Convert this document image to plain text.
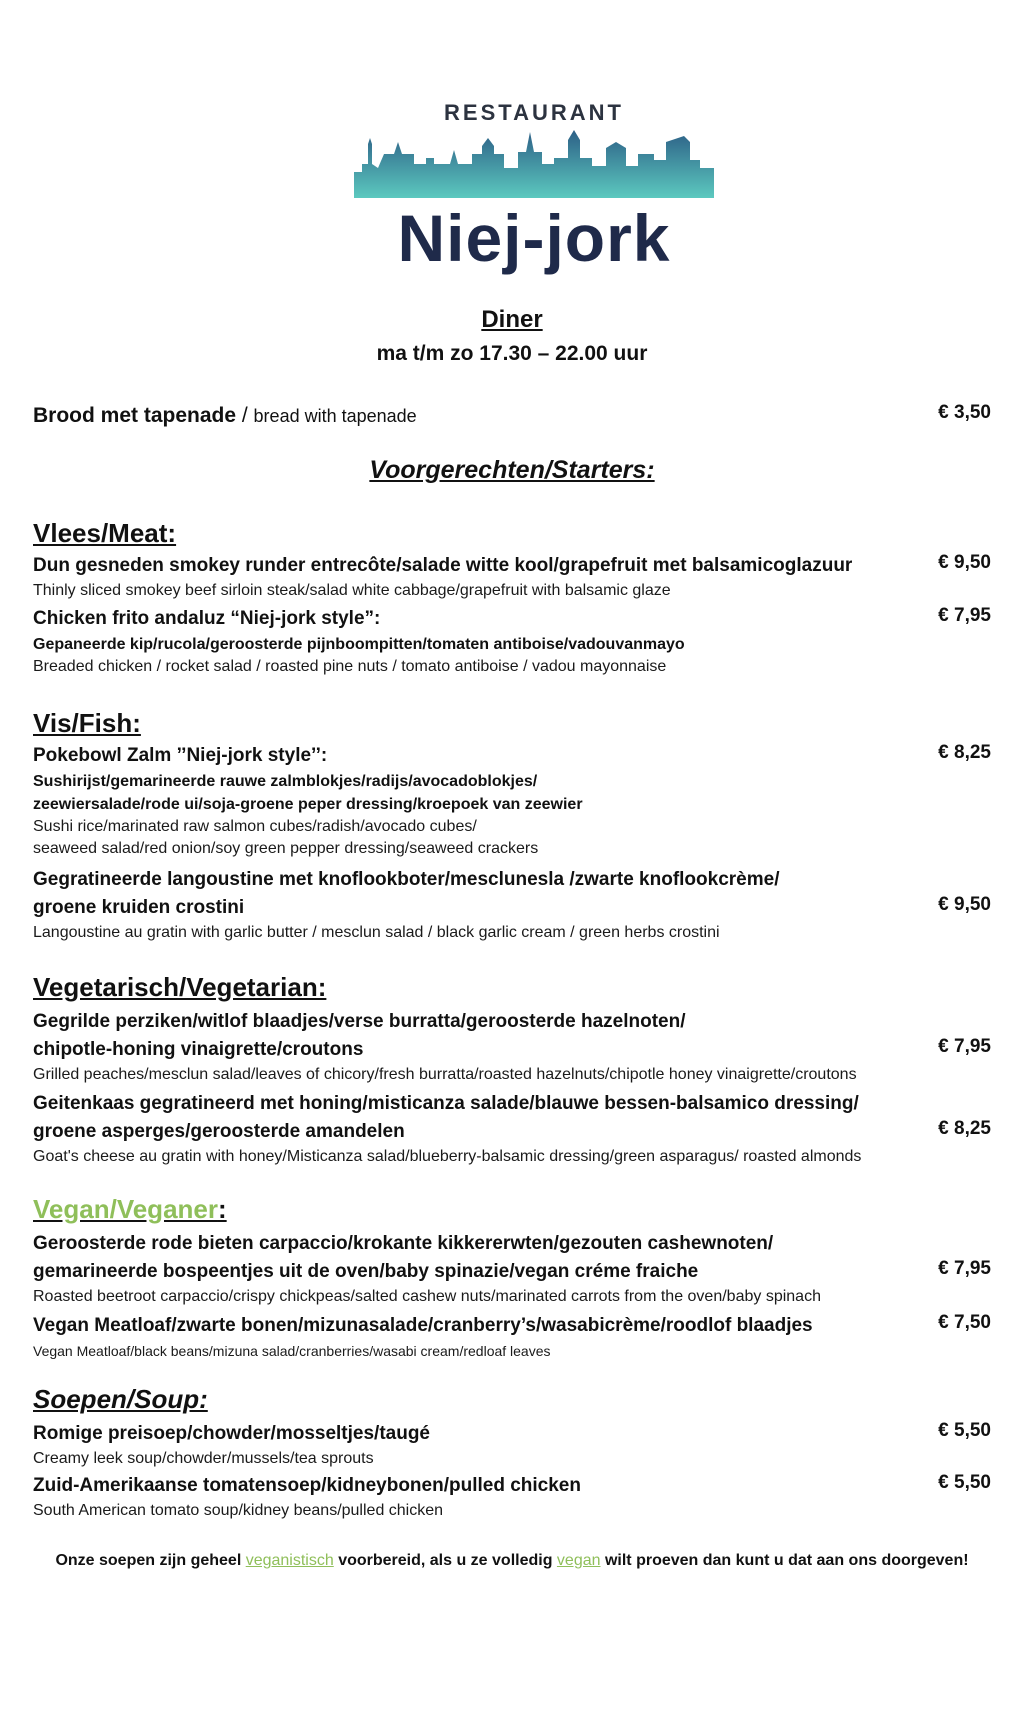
RESTAURANT
Niej-jork
Diner
ma t/m zo 17.30 – 22.00 uur
Brood met tapenade / bread with tapenade	€ 3,50
Voorgerechten/Starters:
Vlees/Meat:
Dun gesneden smokey runder entrecôte/salade witte kool/grapefruit met balsamicoglazuur
Thinly sliced smokey beef sirloin steak/salad white cabbage/grapefruit with balsamic glaze
€ 9,50
Chicken frito andaluz “Niej-jork style”:
Gepaneerde kip/rucola/geroosterde pijnboompitten/tomaten antiboise/vadouvanmayo
Breaded chicken / rocket salad / roasted pine nuts / tomato antiboise / vadou mayonnaise
€ 7,95
Vis/Fish:
Pokebowl Zalm ’’Niej-jork style’’:
Sushirijst/gemarineerde rauwe zalmblokjes/radijs/avocadoblokjes/
zeewiersalade/rode ui/soja-groene peper dressing/kroepoek van zeewier
Sushi rice/marinated raw salmon cubes/radish/avocado cubes/
seaweed salad/red onion/soy green pepper dressing/seaweed crackers
€ 8,25
Gegratineerde langoustine met knoflookboter/mesclunesla /zwarte knoflookcrème/
groene kruiden crostini
Langoustine au gratin with garlic butter / mesclun salad / black garlic cream / green herbs crostini
€ 9,50
Vegetarisch/Vegetarian:
Gegrilde perziken/witlof blaadjes/verse burratta/geroosterde hazelnoten/
chipotle-honing vinaigrette/croutons
Grilled peaches/mesclun salad/leaves of chicory/fresh burratta/roasted hazelnuts/chipotle honey vinaigrette/croutons
€ 7,95
Geitenkaas gegratineerd met honing/misticanza salade/blauwe bessen-balsamico dressing/
groene asperges/geroosterde amandelen
Goat's cheese au gratin with honey/Misticanza salad/blueberry-balsamic dressing/green asparagus/ roasted almonds
€ 8,25
Vegan/Veganer:
Geroosterde rode bieten carpaccio/krokante kikkererwten/gezouten cashewnoten/
gemarineerde bospeentjes uit de oven/baby spinazie/vegan créme fraiche
Roasted beetroot carpaccio/crispy chickpeas/salted cashew nuts/marinated carrots from the oven/baby spinach
€ 7,95
Vegan Meatloaf/zwarte bonen/mizunasalade/cranberry’s/wasabicrème/roodlof blaadjes
Vegan Meatloaf/black beans/mizuna salad/cranberries/wasabi cream/redloaf leaves
€ 7,50
Soepen/Soup:
Romige preisoep/chowder/mosseltjes/taugé
Creamy leek soup/chowder/mussels/tea sprouts
€ 5,50
Zuid-Amerikaanse tomatensoep/kidneybonen/pulled chicken
South American tomato soup/kidney beans/pulled chicken
€ 5,50
Onze soepen zijn geheel veganistisch voorbereid, als u ze volledig vegan wilt proeven dan kunt u dat aan ons doorgeven!
